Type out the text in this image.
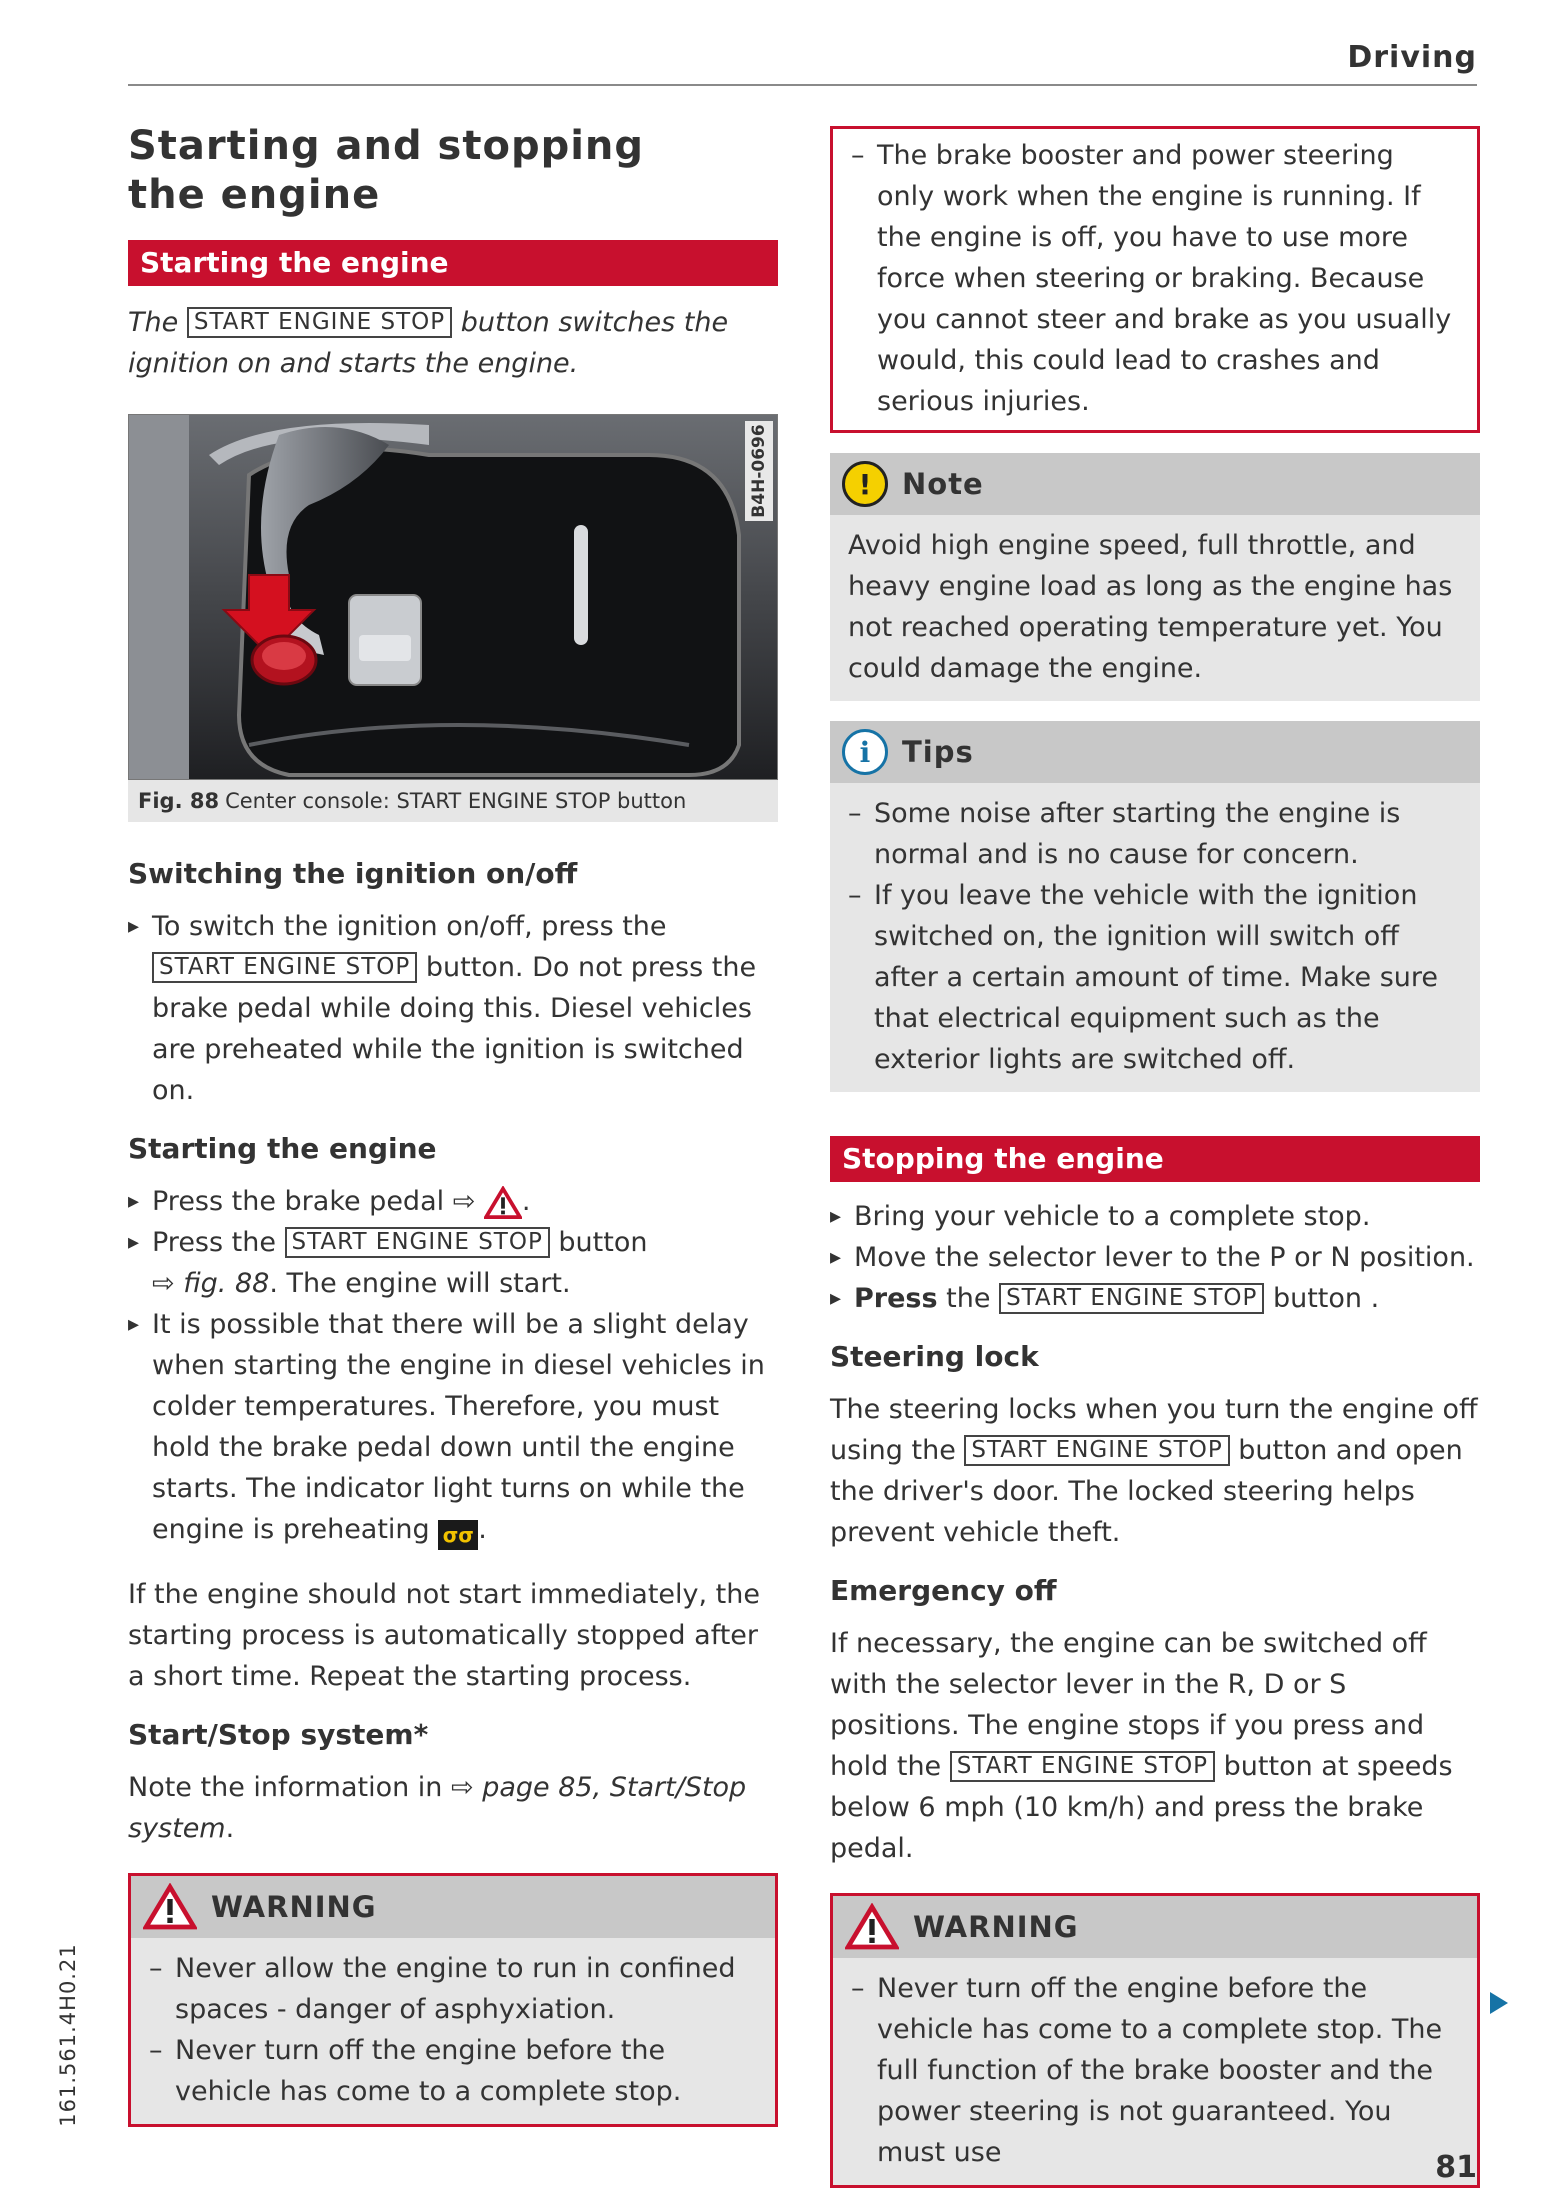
Driving
Starting and stopping the engine
Starting the engine

The START ENGINE STOP button switches the ignition on and starts the engine.

B4H-0696
Fig. 88 Center console: START ENGINE STOP button
Switching the ignition on/off
▸ To switch the ignition on/off, press the START ENGINE STOP button. Do not press the brake pedal while doing this. Diesel vehicles are preheated while the ignition is switched on.
Starting the engine
▸ Press the brake pedal ⇨ .
▸ Press the START ENGINE STOP button
⇨ fig. 88. The engine will start.
▸ It is possible that there will be a slight delay when starting the engine in diesel vehicles in colder temperatures. Therefore, you must hold the brake pedal down until the engine starts. The indicator light turns on while the engine is preheating σσ .

If the engine should not start immediately, the starting process is automatically stopped after a short time. Repeat the starting process.

Start/Stop system*

Note the information in ⇨ page 85, Start/Stop system.

WARNING
– Never allow the engine to run in confined spaces - danger of asphyxiation.
– Never turn off the engine before the vehicle has come to a complete stop.
– The brake booster and power steering only work when the engine is running. If the engine is off, you have to use more force when steering or braking. Because you cannot steer and brake as you usually would, this could lead to crashes and serious injuries.
!	Note

Avoid high engine speed, full throttle, and heavy engine load as long as the engine has not reached operating temperature yet. You could damage the engine.

i	Tips
– Some noise after starting the engine is normal and is no cause for concern.
– If you leave the vehicle with the ignition switched on, the ignition will switch off after a certain amount of time. Make sure that electrical equipment such as the exterior lights are switched off.
Stopping the engine
▸ Bring your vehicle to a complete stop.
▸ Move the selector lever to the P or N position.
▸ Press the START ENGINE STOP button .
Steering lock

The steering locks when you turn the engine off using the START ENGINE STOP button and open the driver's door. The locked steering helps prevent vehicle theft.

Emergency off

If necessary, the engine can be switched off with the selector lever in the R, D or S positions. The engine stops if you press and hold the START ENGINE STOP button at speeds below 6 mph (10 km/h) and press the brake pedal.

WARNING
– Never turn off the engine before the vehicle has come to a complete stop. The full function of the brake booster and the power steering is not guaranteed. You must use
161.561.4H0.21
81
